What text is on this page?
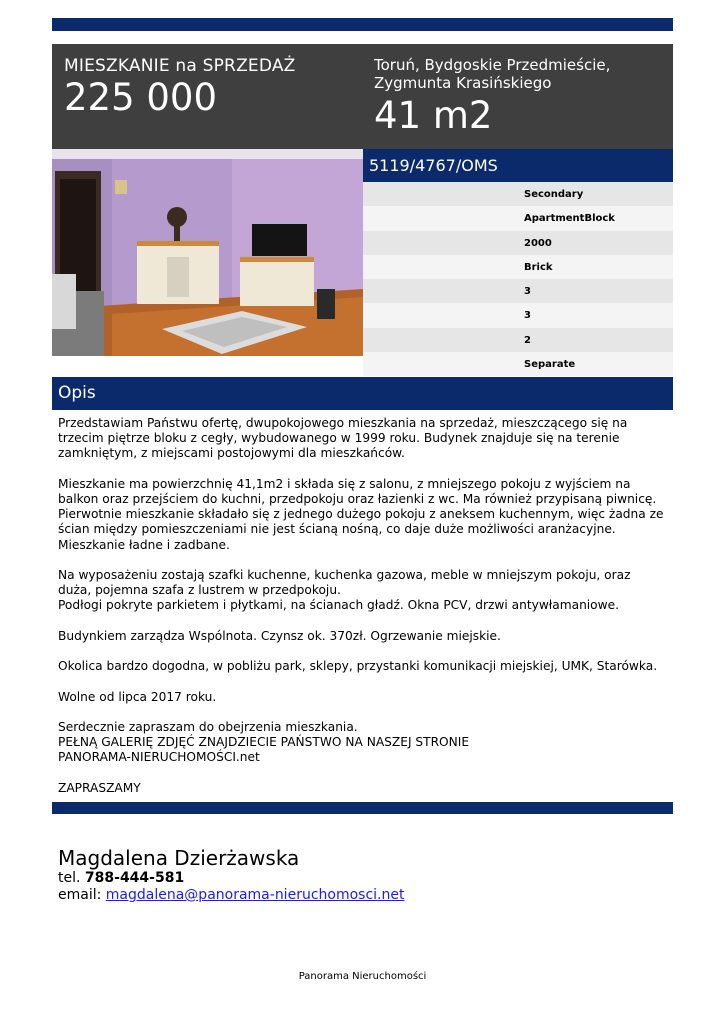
MIESZKANIE na SPRZEDAŻ
225 000
Toruń, Bydgoskie Przedmieście,
Zygmunta Krasińskiego
41 m2
5119/4767/OMS
Secondary
ApartmentBlock
2000
Brick
3
3
2
Separate
Opis

Przedstawiam Państwu ofertę, dwupokojowego mieszkania na sprzedaż, mieszczącego się na
trzecim piętrze bloku z cegły, wybudowanego w 1999 roku. Budynek znajduje się na terenie
zamkniętym, z miejscami postojowymi dla mieszkańców.

Mieszkanie ma powierzchnię 41,1m2 i składa się z salonu, z mniejszego pokoju z wyjściem na
balkon oraz przejściem do kuchni, przedpokoju oraz łazienki z wc. Ma również przypisaną piwnicę.
Pierwotnie mieszkanie składało się z jednego dużego pokoju z aneksem kuchennym, więc żadna ze
ścian między pomieszczeniami nie jest ścianą nośną, co daje duże możliwości aranżacyjne.
Mieszkanie ładne i zadbane.

Na wyposażeniu zostają szafki kuchenne, kuchenka gazowa, meble w mniejszym pokoju, oraz
duża, pojemna szafa z lustrem w przedpokoju.
Podłogi pokryte parkietem i płytkami, na ścianach gładź. Okna PCV, drzwi antywłamaniowe.

Budynkiem zarządza Wspólnota. Czynsz ok. 370zł. Ogrzewanie miejskie.

Okolica bardzo dogodna, w pobliżu park, sklepy, przystanki komunikacji miejskiej, UMK, Starówka.

Wolne od lipca 2017 roku.

Serdecznie zapraszam do obejrzenia mieszkania.
PEŁNĄ GALERIĘ ZDJĘĆ ZNAJDZIECIE PAŃSTWO NA NASZEJ STRONIE
PANORAMA-NIERUCHOMOŚCI.net

ZAPRASZAMY

Magdalena Dzierżawska
tel. 788-444-581
email: magdalena@panorama-nieruchomosci.net
Panorama Nieruchomości
